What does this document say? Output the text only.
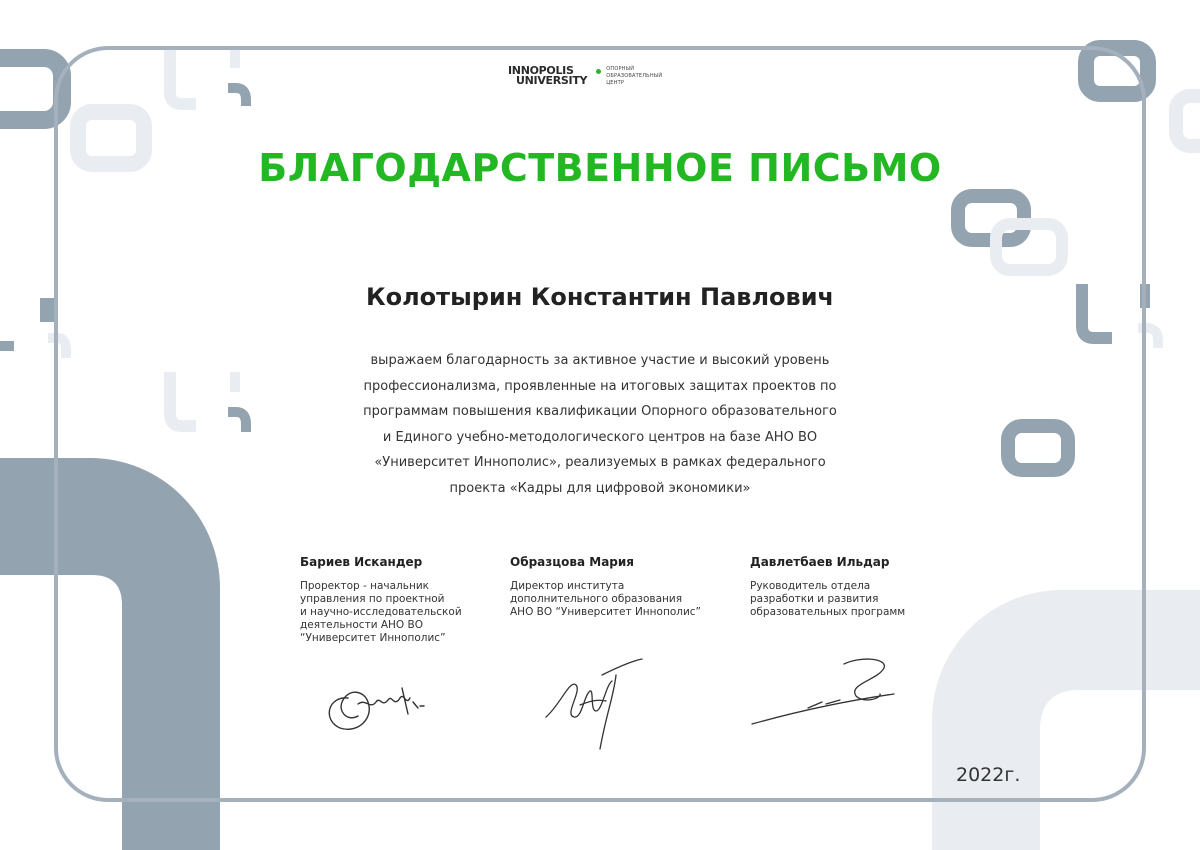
INNOPOLIS
UNIVERSITY
ОПОРНЫЙ
ОБРАЗОВАТЕЛЬНЫЙ
ЦЕНТР
БЛАГОДАРСТВЕННОЕ ПИСЬМО
Колотырин Константин Павлович
выражаем благодарность за активное участие и высокий уровень
профессионализма, проявленные на итоговых защитах проектов по
программам повышения квалификации Опорного образовательного
и Единого учебно-методологического центров на базе АНО ВО
«Университет Иннополис», реализуемых в рамках федерального
проекта «Кадры для цифровой экономики»
Бариев Искандер
Проректор - начальник
управления по проектной
и научно-исследовательской
деятельности АНО ВО
“Университет Иннополис”
Образцова Мария
Директор института
дополнительного образования
АНО ВО “Университет Иннополис”
Давлетбаев Ильдар
Руководитель отдела
разработки и развития
образовательных программ
2022г.
